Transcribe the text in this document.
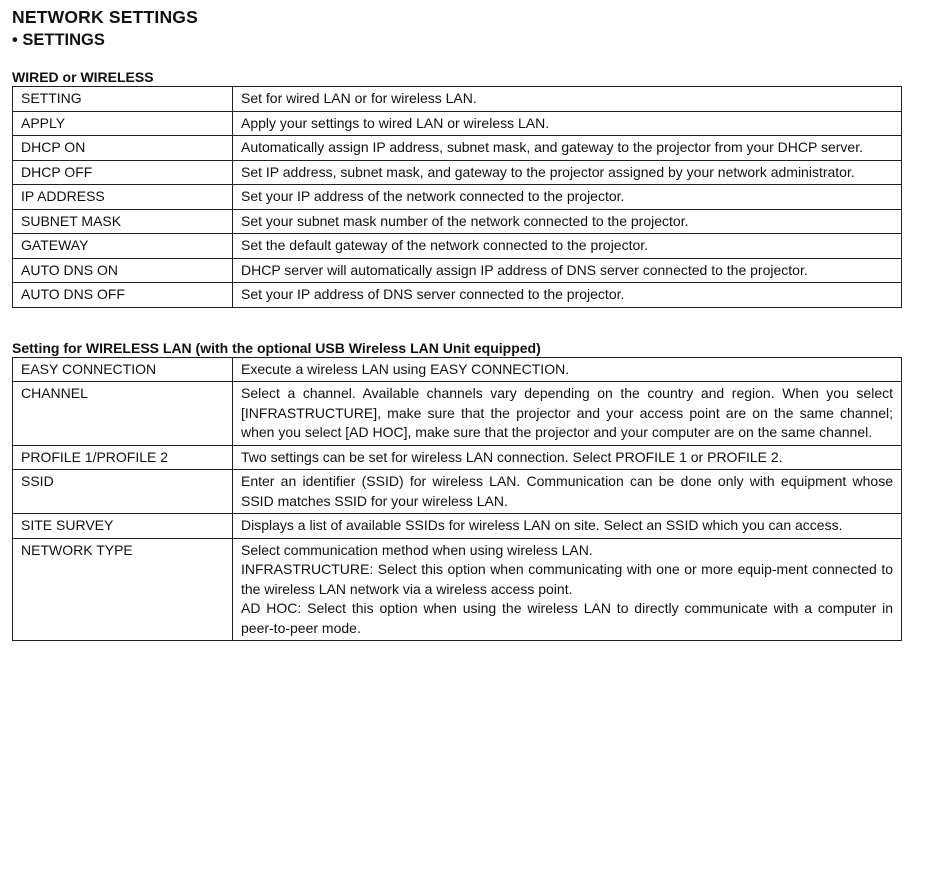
NETWORK SETTINGS
• SETTINGS
WIRED or WIRELESS
SETTING	Set for wired LAN or for wireless LAN.
APPLY	Apply your settings to wired LAN or wireless LAN.
DHCP ON	Automatically assign IP address, subnet mask, and gateway to the projector from your DHCP server.
DHCP OFF	Set IP address, subnet mask, and gateway to the projector assigned by your network administrator.
IP ADDRESS	Set your IP address of the network connected to the projector.
SUBNET MASK	Set your subnet mask number of the network connected to the projector.
GATEWAY	Set the default gateway of the network connected to the projector.
AUTO DNS ON	DHCP server will automatically assign IP address of DNS server connected to the projector.
AUTO DNS OFF	Set your IP address of DNS server connected to the projector.
Setting for WIRELESS LAN (with the optional USB Wireless LAN Unit equipped)
EASY CONNECTION	Execute a wireless LAN using EASY CONNECTION.
CHANNEL	Select a channel. Available channels vary depending on the country and region. When you select [INFRASTRUCTURE], make sure that the projector and your access point are on the same channel; when you select [AD HOC], make sure that the projector and your computer are on the same channel.
PROFILE 1/PROFILE 2	Two settings can be set for wireless LAN connection. Select PROFILE 1 or PROFILE 2.
SSID	Enter an identifier (SSID) for wireless LAN. Communication can be done only with equipment whose SSID matches SSID for your wireless LAN.
SITE SURVEY	Displays a list of available SSIDs for wireless LAN on site. Select an SSID which you can access.
NETWORK TYPE	Select communication method when using wireless LAN.
INFRASTRUCTURE: Select this option when communicating with one or more equip-ment connected to the wireless LAN network via a wireless access point.
AD HOC: Select this option when using the wireless LAN to directly communicate with a computer in peer-to-peer mode.
